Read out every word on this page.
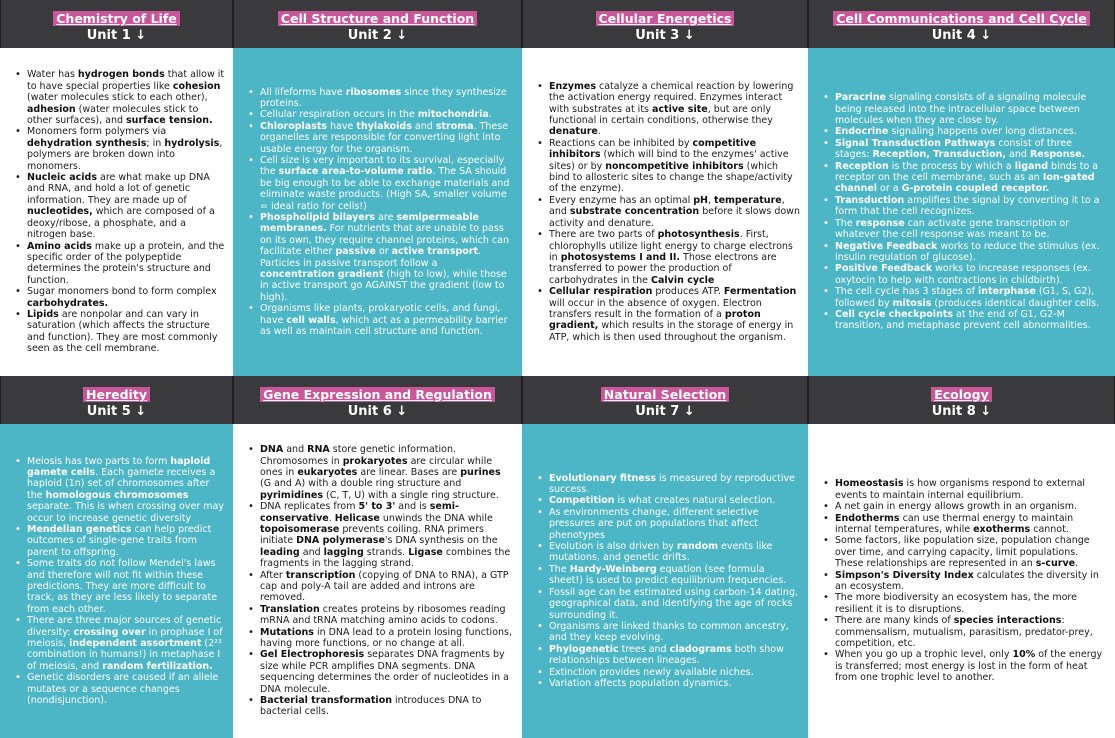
Chemistry of Life
Unit 1 ↓
Cell Structure and Function
Unit 2 ↓
Cellular Energetics
Unit 3 ↓
Cell Communications and Cell Cycle
Unit 4 ↓
• Water has hydrogen bonds that allow it to have special properties like cohesion (water molecules stick to each other), adhesion (water molecules stick to other surfaces), and surface tension.
• Monomers form polymers via dehydration synthesis; in hydrolysis, polymers are broken down into monomers.
• Nucleic acids are what make up DNA and RNA, and hold a lot of genetic information. They are made up of nucleotides, which are composed of a deoxy/ribose, a phosphate, and a nitrogen base.
• Amino acids make up a protein, and the specific order of the polypeptide determines the protein's structure and function.
• Sugar monomers bond to form complex carbohydrates.
• Lipids are nonpolar and can vary in saturation (which affects the structure and function). They are most commonly seen as the cell membrane.
• All lifeforms have ribosomes since they synthesize proteins.
• Cellular respiration occurs in the mitochondria.
• Chloroplasts have thylakoids and stroma. These organelles are responsible for converting light into usable energy for the organism.
• Cell size is very important to its survival, especially the surface area-to-volume ratio. The SA should be big enough to be able to exchange materials and eliminate waste products. (High SA, smaller volume = ideal ratio for cells!)
• Phospholipid bilayers are semipermeable membranes. For nutrients that are unable to pass on its own, they require channel proteins, which can facilitate either passive or active transport. Particles in passive transport follow a concentration gradient (high to low), while those in active transport go AGAINST the gradient (low to high).
• Organisms like plants, prokaryotic cells, and fungi, have cell walls, which act as a permeability barrier as well as maintain cell structure and function.
• Enzymes catalyze a chemical reaction by lowering the activation energy required. Enzymes interact with substrates at its active site, but are only functional in certain conditions, otherwise they denature.
• Reactions can be inhibited by competitive inhibitors (which will bind to the enzymes' active sites) or by noncompetitive inhibitors (which bind to allosteric sites to change the shape/activity of the enzyme).
• Every enzyme has an optimal pH, temperature, and substrate concentration before it slows down activity and denature.
• There are two parts of photosynthesis. First, chlorophylls utilize light energy to charge electrons in photosystems I and II. Those electrons are transferred to power the production of carbohydrates in the Calvin cycle
• Cellular respiration produces ATP. Fermentation will occur in the absence of oxygen. Electron transfers result in the formation of a proton gradient, which results in the storage of energy in ATP, which is then used throughout the organism.
• Paracrine signaling consists of a signaling molecule being released into the intracellular space between molecules when they are close by.
• Endocrine signaling happens over long distances.
• Signal Transduction Pathways consist of three stages: Reception, Transduction, and Response.
• Reception is the process by which a ligand binds to a receptor on the cell membrane, such as an Ion-gated channel or a G-protein coupled receptor.
• Transduction amplifies the signal by converting it to a form that the cell recognizes.
• The response can activate gene transcription or whatever the cell response was meant to be.
• Negative Feedback works to reduce the stimulus (ex. insulin regulation of glucose).
• Positive Feedback works to increase responses (ex. oxytocin to help with contractions in childbirth).
• The cell cycle has 3 stages of interphase (G1, S, G2), followed by mitosis (produces identical daughter cells.
• Cell cycle checkpoints at the end of G1, G2-M transition, and metaphase prevent cell abnormalities.
Heredity
Unit 5 ↓
Gene Expression and Regulation
Unit 6 ↓
Natural Selection
Unit 7 ↓
Ecology
Unit 8 ↓
• Meiosis has two parts to form haploid gamete cells. Each gamete receives a haploid (1n) set of chromosomes after the homologous chromosomes separate. This is when crossing over may occur to increase genetic diversity
• Mendelian genetics can help predict outcomes of single-gene traits from parent to offspring.
• Some traits do not follow Mendel's laws and therefore will not fit within these predictions. They are more difficult to track, as they are less likely to separate from each other.
• There are three major sources of genetic diversity: crossing over in prophase I of meiosis, independent assortment (2²³ combination in humans!) in metaphase I of meiosis, and random fertilization.
• Genetic disorders are caused if an allele mutates or a sequence changes (nondisjunction).
• DNA and RNA store genetic information. Chromosomes in prokaryotes are circular while ones in eukaryotes are linear. Bases are purines (G and A) with a double ring structure and pyrimidines (C, T, U) with a single ring structure.
• DNA replicates from 5' to 3' and is semi-conservative. Helicase unwinds the DNA while topoisomerase prevents coiling. RNA primers initiate DNA polymerase's DNA synthesis on the leading and lagging strands. Ligase combines the fragments in the lagging strand.
• After transcription (copying of DNA to RNA), a GTP cap and poly-A tail are added and introns are removed.
• Translation creates proteins by ribosomes reading mRNA and tRNA matching amino acids to codons.
• Mutations in DNA lead to a protein losing functions, having more functions, or no change at all.
• Gel Electrophoresis separates DNA fragments by size while PCR amplifies DNA segments. DNA sequencing determines the order of nucleotides in a DNA molecule.
• Bacterial transformation introduces DNA to bacterial cells.
• Evolutionary fitness is measured by reproductive success.
• Competition is what creates natural selection.
• As environments change, different selective pressures are put on populations that affect phenotypes
• Evolution is also driven by random events like mutations, and genetic drifts.
• The Hardy-Weinberg equation (see formula sheet!) is used to predict equilibrium frequencies.
• Fossil age can be estimated using carbon-14 dating, geographical data, and identifying the age of rocks surrounding it.
• Organisms are linked thanks to common ancestry, and they keep evolving.
• Phylogenetic trees and cladograms both show relationships between lineages.
• Extinction provides newly available niches.
• Variation affects population dynamics.
• Homeostasis is how organisms respond to external events to maintain internal equilibrium.
• A net gain in energy allows growth in an organism.
• Endotherms can use thermal energy to maintain internal temperatures, while exotherms cannot.
• Some factors, like population size, population change over time, and carrying capacity, limit populations. These relationships are represented in an s-curve.
• Simpson's Diversity Index calculates the diversity in an ecosystem.
• The more biodiversity an ecosystem has, the more resilient it is to disruptions.
• There are many kinds of species interactions: commensalism, mutualism, parasitism, predator-prey, competition, etc.
• When you go up a trophic level, only 10% of the energy is transferred; most energy is lost in the form of heat from one trophic level to another.
